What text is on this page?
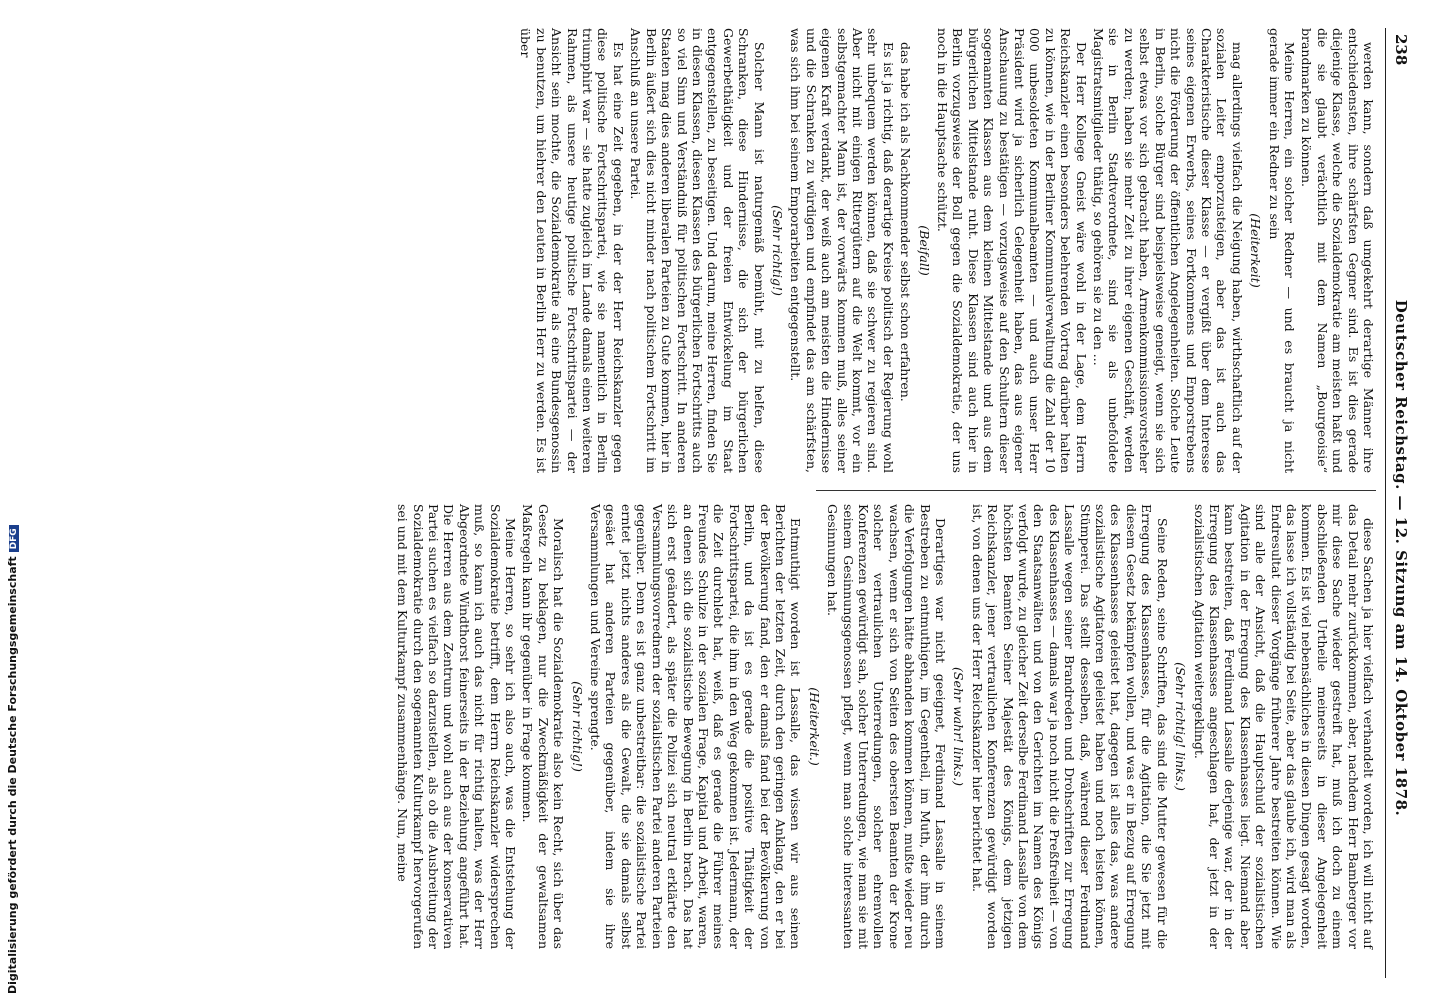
238
Deutscher Reichstag. — 12. Sitzung am 14. Oktober 1878.

werden kann, sondern daß umgekehrt derartige Männer ihre entschiedensten, ihre schärfsten Gegner sind. Es ist dies gerade diejenige Klasse, welche die Sozialdemokratie am meisten haßt und die sie glaubt verächtlich mit dem Namen „Bourgeoisie“ brandmarken zu können.

Meine Herren, ein solcher Redner — und es braucht ja nicht gerade immer ein Redner zu sein

(Heiterkeit)

mag allerdings vielfach die Neigung haben, wirthschaftlich auf der sozialen Leiter emporzusteigen, aber das ist auch das Charakteristische dieser Klasse — er vergißt über dem Interesse seines eigenen Erwerbs, seines Fortkommens und Emporstrebens nicht die Förderung der öffentlichen Angelegenheiten. Solche Leute in Berlin, solche Bürger sind beispielsweise geneigt, wenn sie sich selbst etwas vor sich gebracht haben, Armenkommissionsvorsteher zu werden; haben sie mehr Zeit zu ihrer eigenen Geschäft, werden sie in Berlin Stadtverordnete, sind sie als unbefoldete Magistratsmitglieder thätig, so gehören sie zu den ...

Der Herr Kollege Gneist wäre wohl in der Lage, dem Herrn Reichskanzler einen besonders belehrenden Vortrag darüber halten zu können, wie in der Berliner Kommunalverwaltung die Zahl der 10 000 unbesoldeten Kommunalbeamten — und auch unser Herr Präsident wird ja sicherlich Gelegenheit haben, das aus eigener Anschauung zu bestätigen — vorzugsweise auf den Schultern dieser sogenannten Klassen aus dem kleinen Mittelstande und aus dem bürgerlichen Mittelstande ruht. Diese Klassen sind auch hier in Berlin vorzugsweise der Boll gegen die Sozialdemokratie, der uns noch in die Hauptsache schützt.

(Beifall)

das habe ich als Nachkommender selbst schon erfahren.

Es ist ja richtig, daß derartige Kreise politisch der Regierung wohl sehr unbequem werden können, daß sie schwer zu regieren sind. Aber nicht mit einigen Rittergütern auf die Welt kommt, vor ein selbstgemachter Mann ist, der vorwärts kommen muß, alles seiner eigenen Kraft verdankt, der weiß auch am meisten die Hindernisse und die Schranken zu würdigen und empfindet das am schärfsten, was sich ihm bei seinem Emporarbeiten entgegenstellt.

(Sehr richtig!)

Solcher Mann ist naturgemäß bemüht, mit zu helfen, diese Schranken, diese Hindernisse, die sich der bürgerlichen Gewerbethätigkeit und der freien Entwickelung im Staat entgegenstellen, zu beseitigen. Und darum, meine Herren, finden Sie in diesen Klassen, diesen Klassen des bürgerlichen Fortschritts auch so viel Sinn und Verständniß für politischen Fortschritt. In anderen Staaten mag dies anderen liberalen Parteien zu Gute kommen, hier in Berlin äußert sich dies nicht minder nach politischem Fortschritt im Anschluß an unsere Partei.

Es hat eine Zeit gegeben, in der der Herr Reichskanzler gegen diese politische Fortschrittspartei, wie sie namentlich in Berlin triumphirt war — sie hatte zugleich im Lande damals einen weiteren Rahmen, als unsere heutige politische Fortschrittspartei — der Ansicht sein mochte, die Sozialdemokratie als eine Bundesgenossin zu benutzen, um hiehrer den Leuten in Berlin Herr zu werden. Es ist über

diese Sachen ja hier vielfach verhandelt worden, ich will nicht auf das Detail mehr zurückkommen, aber, nachdem Herr Bamberger vor mir diese Sache wieder gestreift hat, muß ich doch zu einem abschließenden Urtheile meinerseits in dieser Angelegenheit kommen. Es ist viel nebensächliches in diesen Dingen gesagt worden, das lasse ich vollständig bei Seite, aber das glaube ich, wird man als Endresultat dieser Vorgänge früherer Jahre bestreiten können. Wie sind alle der Ansicht, daß die Hauptschuld der sozialistischen Agitation in der Erregung des Klassenhasses liegt. Niemand aber kann bestreiten, daß Ferdinand Lassalle derjenige war, der in der Erregung des Klassenhasses angeschlagen hat, der jetzt in der sozialistischen Agitation weitergeklingt.

(Sehr richtig! links.)

Seine Reden, seine Schriften, das sind die Mutter gewesen für die Erregung des Klassenhasses, für die Agitation, die Sie jetzt mit diesem Gesetz bekämpfen wollen, und was er in Bezug auf Erregung des Klassenhasses geleistet hat, dagegen ist alles das, was andere sozialistische Agitatoren geleistet haben und noch leisten können, Stümperei. Das stellt desselben, daß, während dieser Ferdinand Lassalle wegen seiner Brandreden und Drohschriften zur Erregung des Klassenhasses — damals war ja noch nicht die Preßfreiheit — von den Staatsanwälten und von den Gerichten im Namen des Königs verfolgt wurde, zu gleicher Zeit derselbe Ferdinand Lassalle von dem höchsten Beamten Seiner Majestät des Königs, dem jetzigen Reichskanzler, jener vertraulichen Konferenzen gewürdigt worden ist, von denen uns der Herr Reichskanzler hier berichtet hat.

(Sehr wahr! links.)

Derartiges war nicht geeignet, Ferdinand Lassalle in seinem Bestreben zu entmuthigen, im Gegentheil, im Muth, der ihm durch die Verfolgungen hätte abhanden kommen können, mußte wieder neu wachsen, wenn er sich von Seiten des obersten Beamten der Krone solcher vertraulichen Unterredungen, solcher ehrenvollen Konferenzen gewürdigt sah, solcher Unterredungen, wie man sie mit seinem Gesinnungsgenossen pflegt, wenn man solche interessanten Gesinnungen hat.

(Heiterkeit.)

Entmuthigt worden ist Lassalle, das wissen wir aus seinen Berichten der letzten Zeit, durch den geringen Anklang, den er bei der Bevölkerung fand, den er damals fand bei der Bevölkerung von Berlin, und da ist es gerade die positive Thätigkeit der Fortschrittspartei, die ihm in den Weg gekommen ist. Jedermann, der die Zeit durchlebt hat, weiß, daß es gerade die Führer meines Freundes Schulze in der sozialen Frage, Kapital und Arbeit, waren, an denen sich die sozialistische Bewegung in Berlin brach. Das hat sich erst geändert, als später die Polizei sich neutral erklärte den Versammlungsvorrednern der sozialistischen Partei anderen Parteien gegenüber. Denn es ist ganz unbestreitbar: die sozialistische Partei erntet jetzt nichts anderes als die Gewalt, die sie damals selbst gesäet hat anderen Parteien gegenüber, indem sie ihre Versammlungen und Vereine sprengte.

(Sehr richtig!)

Moralisch hat die Sozialdemokratie also kein Recht, sich über das Gesetz zu beklagen, nur die Zweckmäßigkeit der gewaltsamen Maßregeln kann ihr gegenüber in Frage kommen.

Meine Herren, so sehr ich also auch, was die Entstehung der Sozialdemokratie betrifft, dem Herrn Reichskanzler widersprechen muß, so kann ich auch das nicht für richtig halten, was der Herr Abgeordnete Windthorst feinerseits in der Beziehung angeführt hat. Die Herren aus dem Zentrum und wohl auch aus der konservativen Partei suchen es vielfach so darzustellen, als ob die Ausbreitung der Sozialdemokratie durch den sogenannten Kulturkampf hervorgerufen sei und mit dem Kulturkampf zusammenhänge. Nun, meine

Digitalisierung gefördert durch die Deutsche ForschungsgemeinschaftDFG
